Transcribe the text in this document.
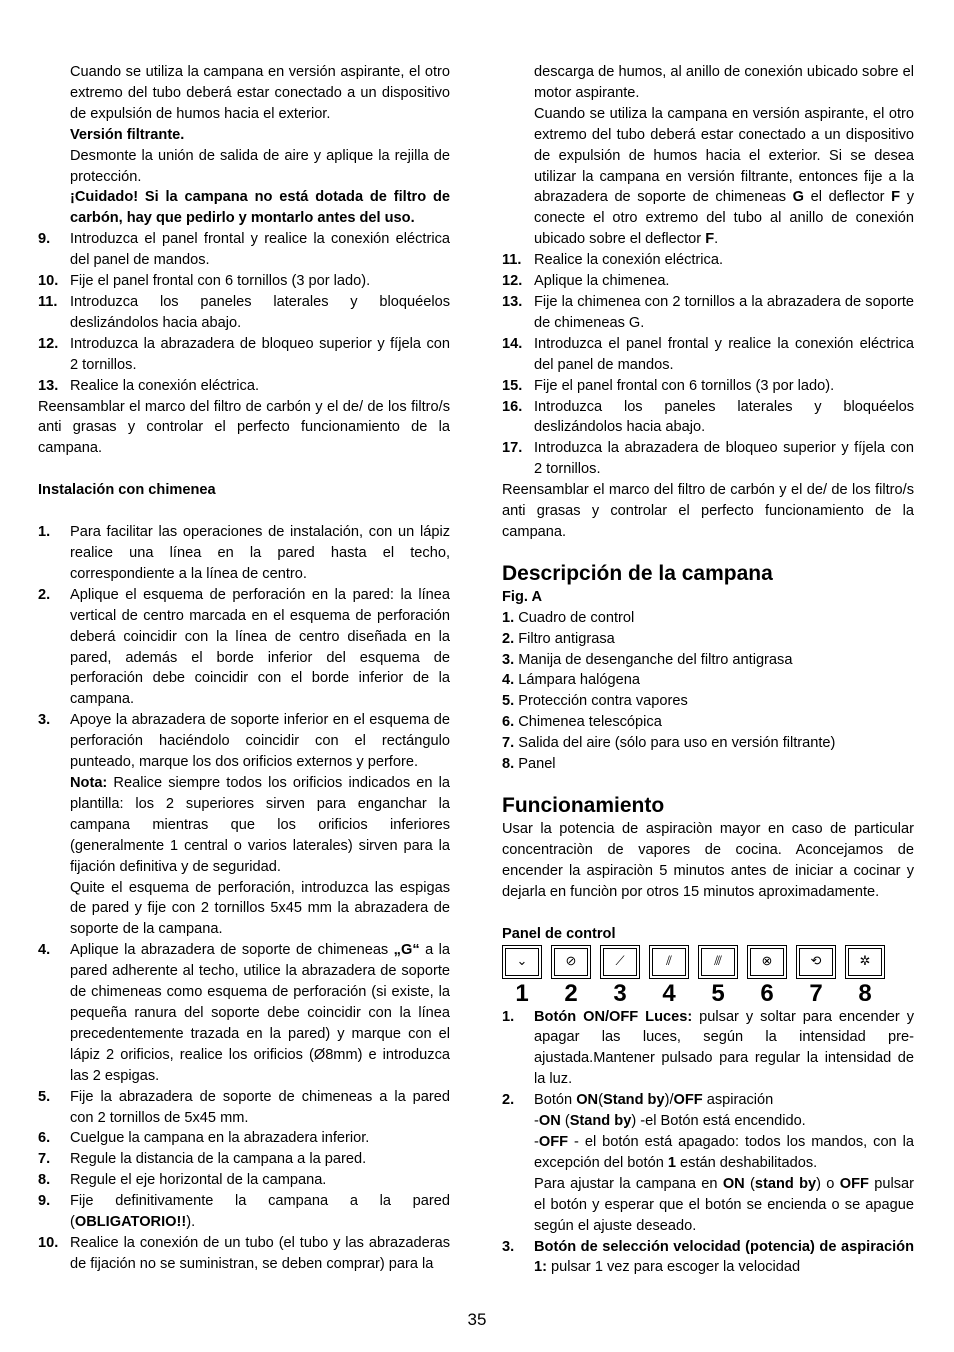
Cuando se utiliza la campana en versión aspirante, el otro extremo del tubo deberá estar conectado a un dispositivo de expulsión de humos hacia el exterior.

Versión filtrante.

Desmonte la unión de salida de aire y aplique la rejilla de protección.

¡Cuidado! Si la campana no está dotada de filtro de carbón, hay que pedirlo y montarlo antes del uso.

9. Introduzca el panel frontal y realice la conexión eléctrica del panel de mandos.
10. Fije el panel frontal con 6 tornillos (3 por lado).
11. Introduzca los paneles laterales y bloquéelos deslizándolos hacia abajo.
12. Introduzca la abrazadera de bloqueo superior y fíjela con 2 tornillos.
13. Realice la conexión eléctrica.

Reensamblar el marco del filtro de carbón y el de/ de los filtro/s anti grasas y controlar el perfecto funcionamiento de la campana.

Instalación con chimenea

1. Para facilitar las operaciones de instalación, con un lápiz realice una línea en la pared hasta el techo, correspondiente a la línea de centro.
2. Aplique el esquema de perforación en la pared: la línea vertical de centro marcada en el esquema de perforación deberá coincidir con la línea de centro diseñada en la pared, además el borde inferior del esquema de perforación debe coincidir con el borde inferior de la campana.
3. Apoye la abrazadera de soporte inferior en el esquema de perforación haciéndolo coincidir con el rectángulo punteado, marque los dos orificios externos y perfore.

Nota: Realice siempre todos los orificios indicados en la plantilla: los 2 superiores sirven para enganchar la campana mientras que los orificios inferiores (generalmente 1 central o varios laterales) sirven para la fijación definitiva y de seguridad.

Quite el esquema de perforación, introduzca las espigas de pared y fije con 2 tornillos 5x45 mm la abrazadera de soporte de la campana.

4. Aplique la abrazadera de soporte de chimeneas „G“ a la pared adherente al techo, utilice la abrazadera de soporte de chimeneas como esquema de perforación (si existe, la pequeña ranura del soporte debe coincidir con la línea precedentemente trazada en la pared) y marque con el lápiz 2 orificios, realice los orificios (Ø8mm) e introduzca las 2 espigas.
5. Fije la abrazadera de soporte de chimeneas a la pared con 2 tornillos de 5x45 mm.
6. Cuelgue la campana en la abrazadera inferior.
7. Regule la distancia de la campana a la pared.
8. Regule el eje horizontal de la campana.
9. Fije definitivamente la campana a la pared (OBLIGATORIO!!).
10. Realice la conexión de un tubo (el tubo y las abrazaderas de fijación no se suministran, se deben comprar) para la

descarga de humos, al anillo de conexión ubicado sobre el motor aspirante.

Cuando se utiliza la campana en versión aspirante, el otro extremo del tubo deberá estar conectado a un dispositivo de expulsión de humos hacia el exterior. Si se desea utilizar la campana en versión filtrante, entonces fije a la abrazadera de soporte de chimeneas G el deflector F y conecte el otro extremo del tubo al anillo de conexión ubicado sobre el deflector F.

11. Realice la conexión eléctrica.
12. Aplique la chimenea.
13. Fije la chimenea con 2 tornillos a la abrazadera de soporte de chimeneas G.
14. Introduzca el panel frontal y realice la conexión eléctrica del panel de mandos.
15. Fije el panel frontal con 6 tornillos (3 por lado).
16. Introduzca los paneles laterales y bloquéelos deslizándolos hacia abajo.
17. Introduzca la abrazadera de bloqueo superior y fíjela con 2 tornillos.

Reensamblar el marco del filtro de carbón y el de/ de los filtro/s anti grasas y controlar el perfecto funcionamiento de la campana.

Descripción de la campana

Fig. A

1. Cuadro de control

2. Filtro antigrasa

3. Manija de desenganche del filtro antigrasa

4. Lámpara halógena

5. Protección contra vapores

6. Chimenea telescópica

7. Salida del aire (sólo para uso en versión filtrante)

8. Panel

Funcionamiento

Usar la potencia de aspiraciòn mayor en caso de particular concentraciòn de vapores de cocina. Aconcejamos de encender la aspiraciòn 5 minutos antes de iniciar a cocinar y dejarla en funciòn por otros 15 minutos aproximadamente.

Panel de control

⌄	⊘	⟋	⫽	⫻	⊗	⟲	✲
1	2	3	4	5	6	7	8
1. Botón ON/OFF Luces: pulsar y soltar para encender y apagar las luces, según la intensidad pre-ajustada.Mantener pulsado para regular la intensidad de la luz.
2. Botón ON(Stand by)/OFF aspiración

-ON (Stand by) -el Botón está encendido.

-OFF - el botón está apagado: todos los mandos, con la excepción del botón 1 están deshabilitados.

Para ajustar la campana en ON (stand by) o OFF pulsar el botón y esperar que el botón se encienda o se apague según el ajuste deseado.

3. Botón de selección velocidad (potencia) de aspiración 1: pulsar 1 vez para escoger la velocidad
35
